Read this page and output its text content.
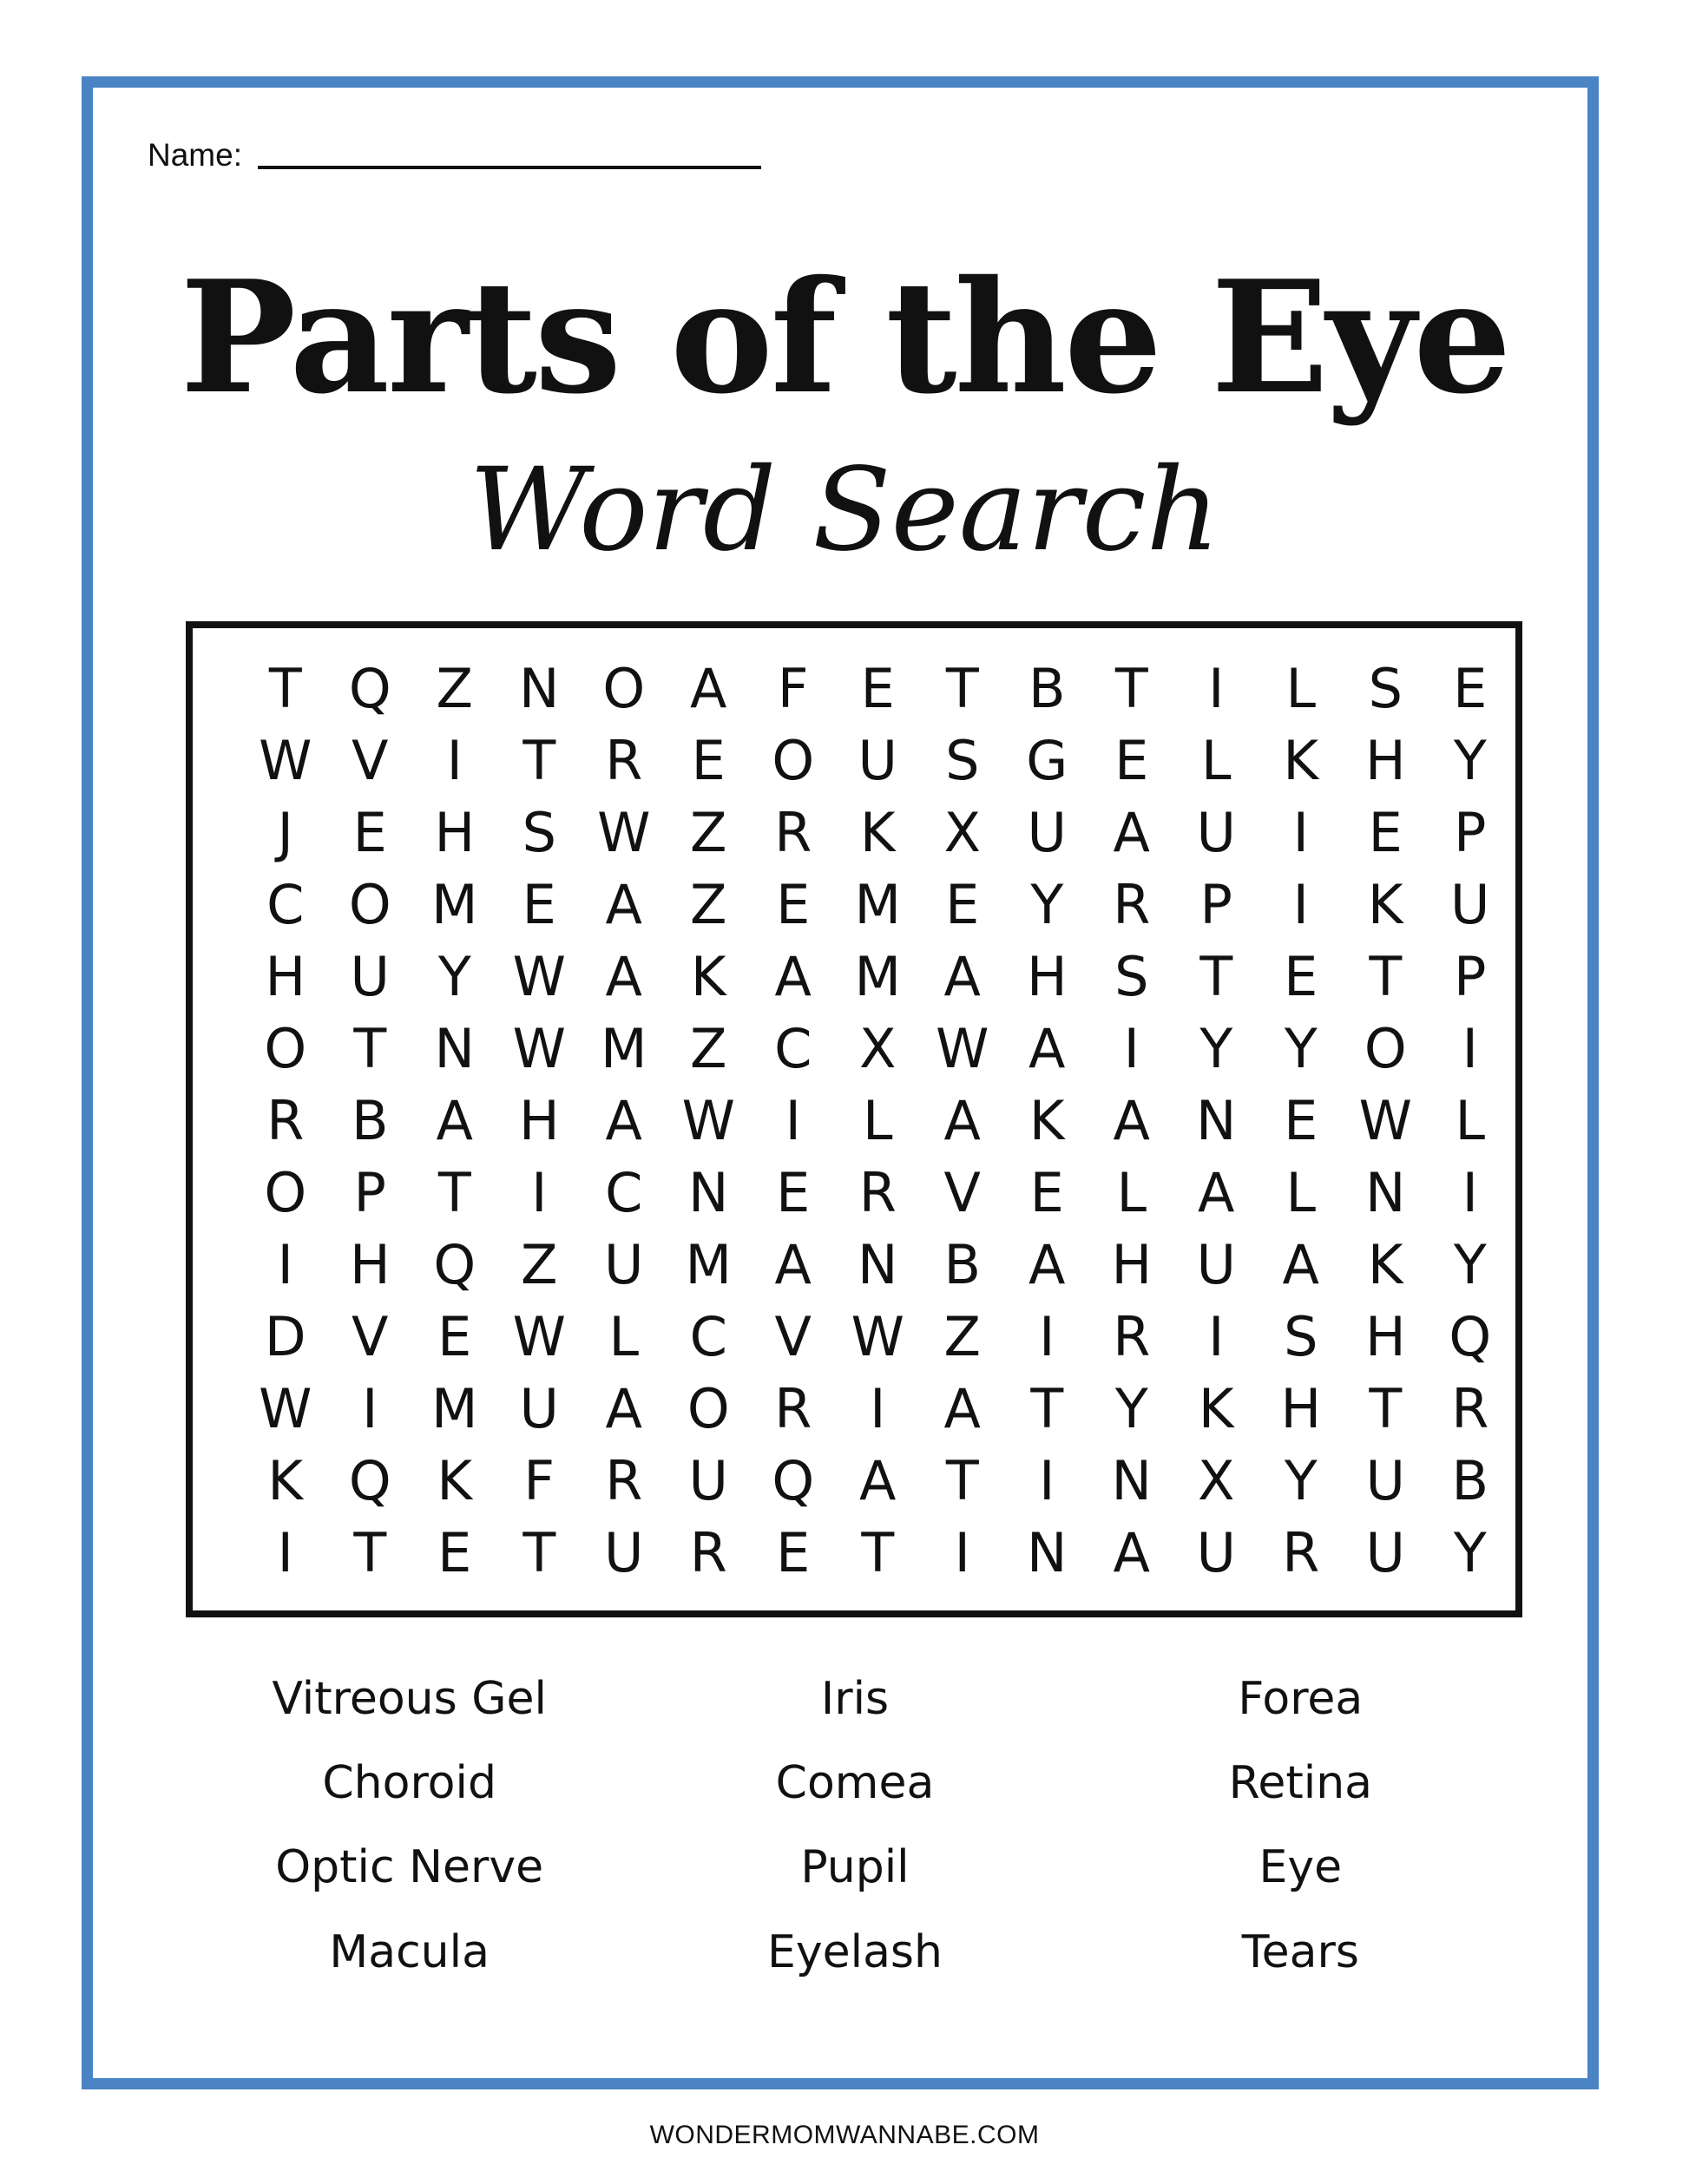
Name:
Parts of the Eye
Word Search
T Q Z N O A F E T B T	I	L S E
W V	I	T R E O U S G E L K H Y
J	E H S W Z R K X U A U	I	E P
C O M E A Z E M E Y R P	I	K U
H U Y W A K A M A H S T E T P
O T N W M Z C X W A	I	Y Y O	I
R B A H A W I	L A K A N E W L
O P T	I	C N E R V E L A L N	I
I	H Q Z U M A N B A H U A K Y
D V E W L C V W Z	I	R	I	S H Q
W I M U A O R	I	A T Y K H T R
K Q K F R U Q A T	I	N X Y U B
I	T E T U R E T	I	N A U R U Y
Vitreous Gel	Iris	Forea
Choroid	Comea	Retina
Optic Nerve	Pupil	Eye
Macula	Eyelash	Tears
WONDERMOMWANNABE.COM
